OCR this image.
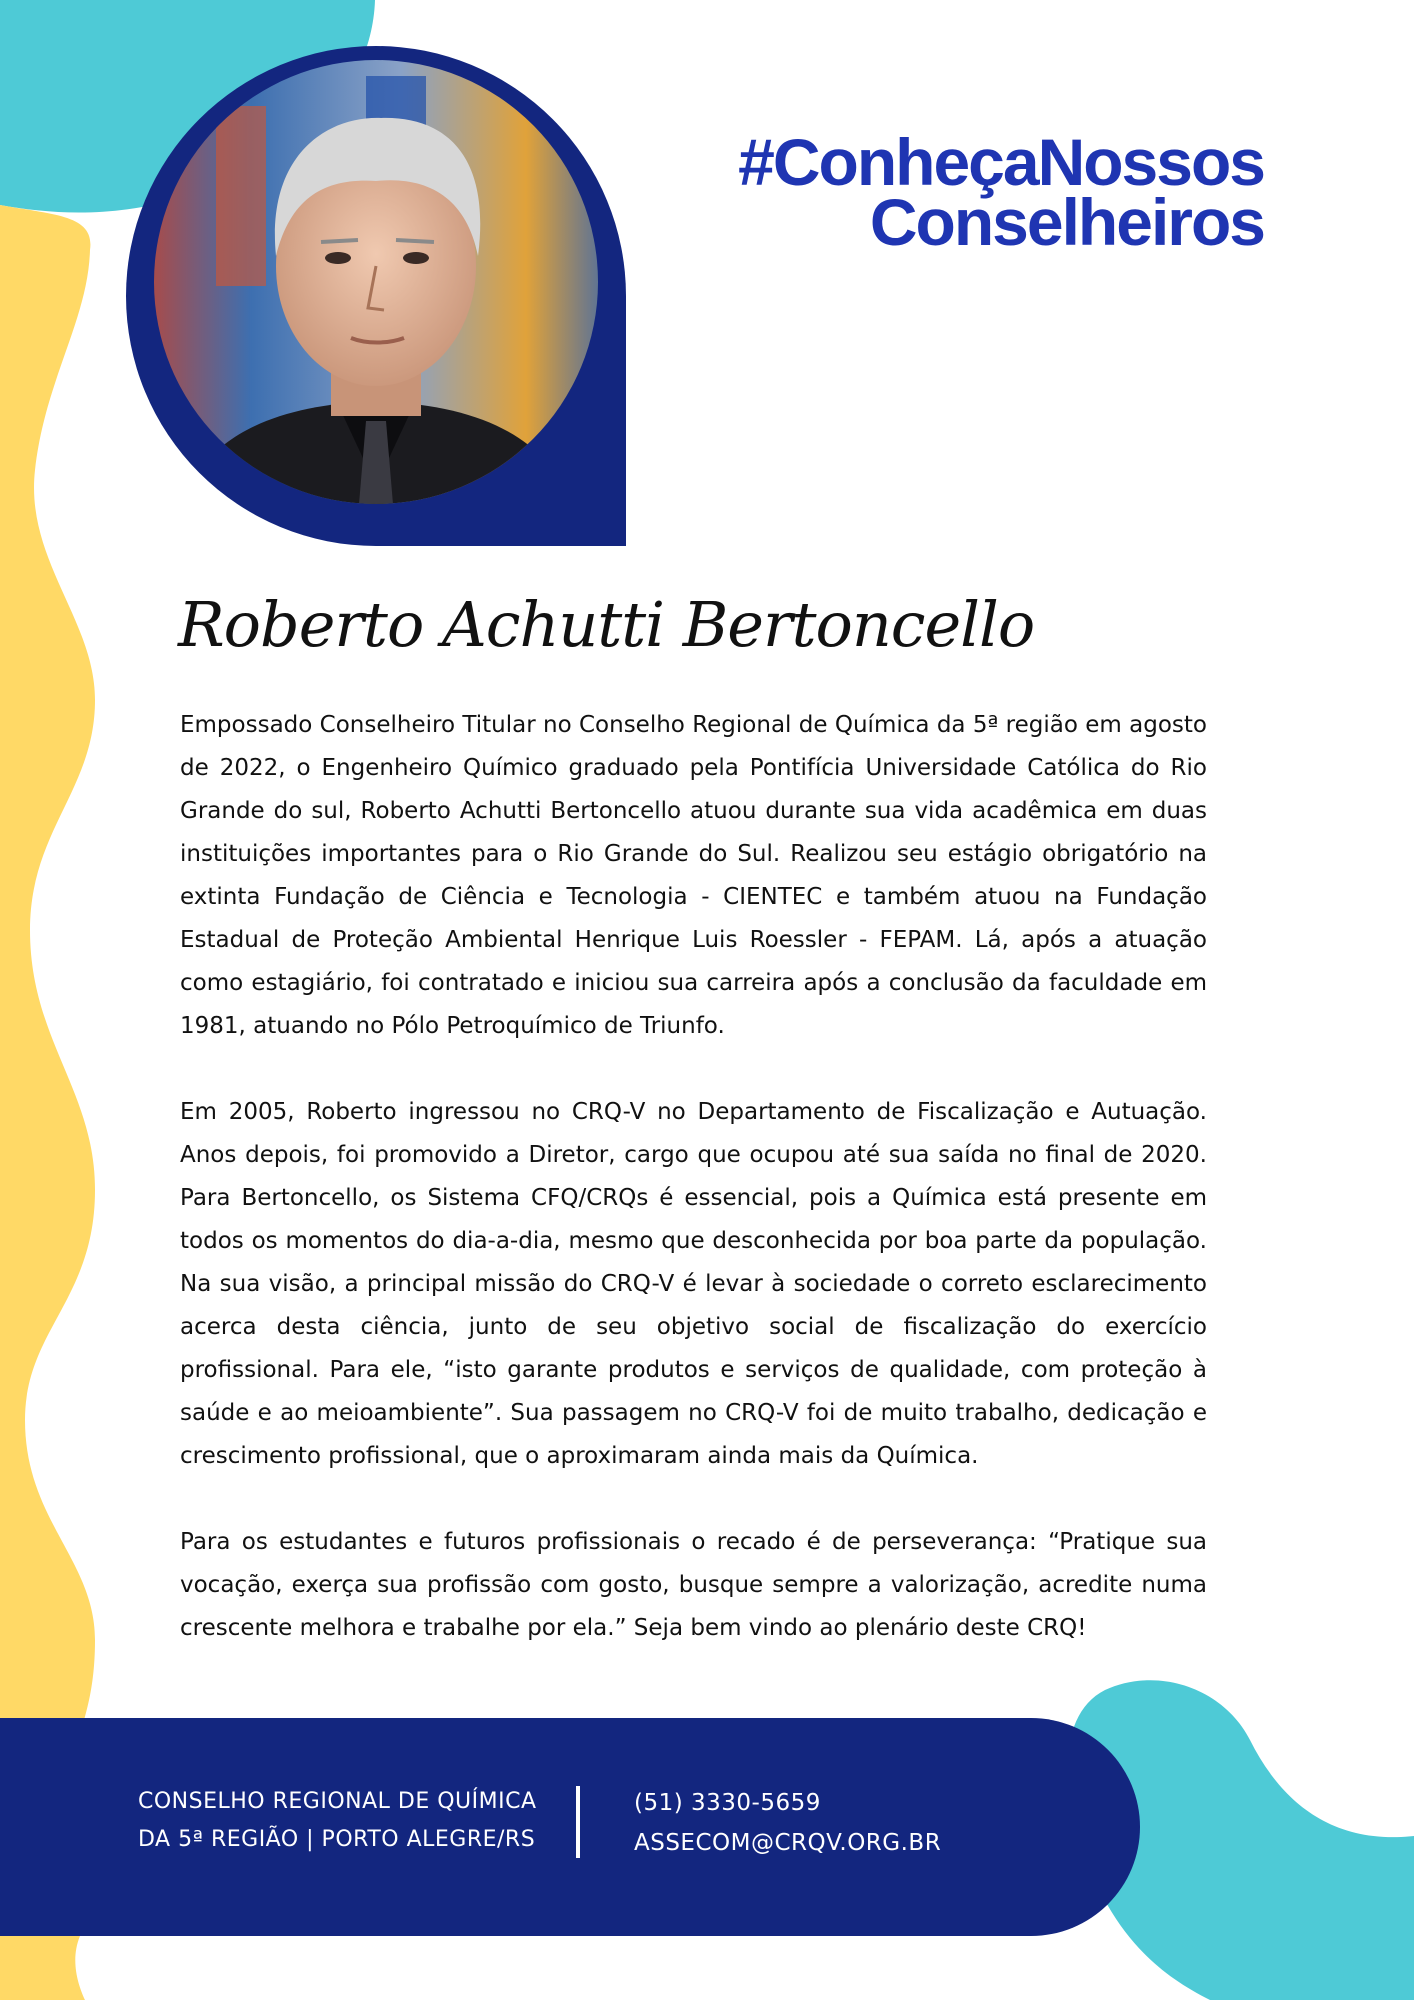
#ConheçaNossos
Conselheiros
Roberto Achutti Bertoncello

Empossado Conselheiro Titular no Conselho Regional de Química da 5ª região em agosto de 2022, o Engenheiro Químico graduado pela Pontifícia Universidade Católica do Rio Grande do sul, Roberto Achutti Bertoncello atuou durante sua vida acadêmica em duas instituições importantes para o Rio Grande do Sul. Realizou seu estágio obrigatório na extinta Fundação de Ciência e Tecnologia - CIENTEC e também atuou na Fundação Estadual de Proteção Ambiental Henrique Luis Roessler - FEPAM. Lá, após a atuação como estagiário, foi contratado e iniciou sua carreira após a conclusão da faculdade em 1981, atuando no Pólo Petroquímico de Triunfo.

Em 2005, Roberto ingressou no CRQ-V no Departamento de Fiscalização e Autuação. Anos depois, foi promovido a Diretor, cargo que ocupou até sua saída no final de 2020. Para Bertoncello, os Sistema CFQ/CRQs é essencial, pois a Química está presente em todos os momentos do dia-a-dia, mesmo que desconhecida por boa parte da população. Na sua visão, a principal missão do CRQ-V é levar à sociedade o correto esclarecimento acerca desta ciência, junto de seu objetivo social de fiscalização do exercício profissional. Para ele, “isto garante produtos e serviços de qualidade, com proteção à saúde e ao meioambiente”. Sua passagem no CRQ-V foi de muito trabalho, dedicação e crescimento profissional, que o aproximaram ainda mais da Química.

Para os estudantes e futuros profissionais o recado é de perseverança: “Pratique sua vocação, exerça sua profissão com gosto, busque sempre a valorização, acredite numa crescente melhora e trabalhe por ela.” Seja bem vindo ao plenário deste CRQ!

CONSELHO REGIONAL DE QUÍMICA
DA 5ª REGIÃO | PORTO ALEGRE/RS
(51) 3330-5659
ASSECOM@CRQV.ORG.BR
